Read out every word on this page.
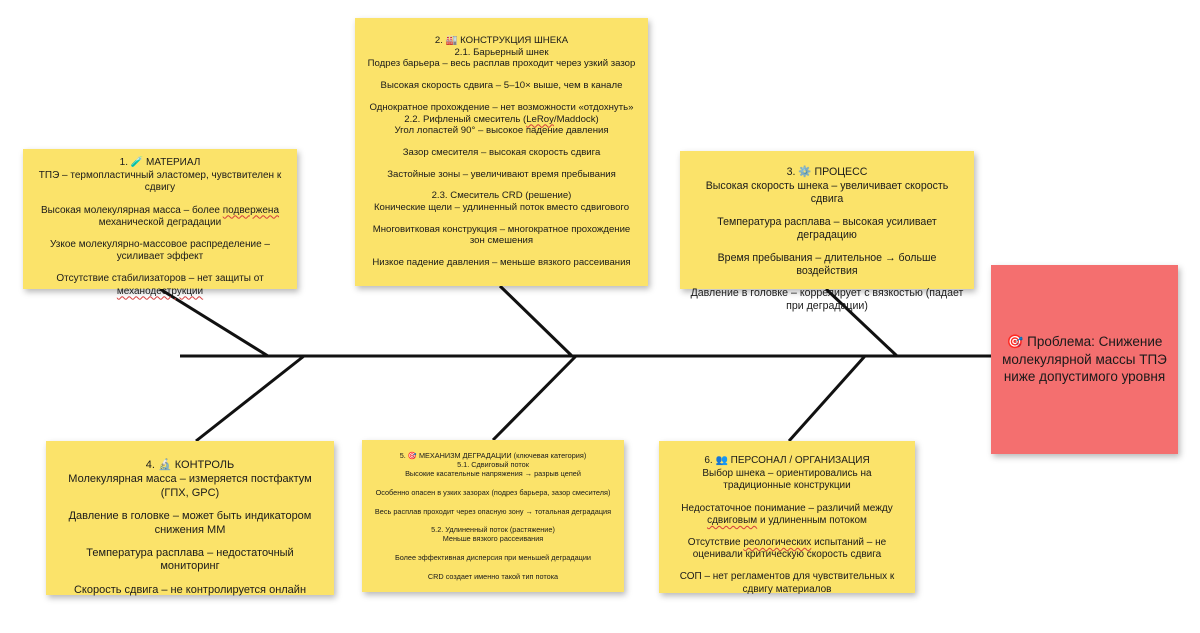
1. 🧪 МАТЕРИАЛ
ТПЭ – термопластичный эластомер, чувствителен к сдвигу
Высокая молекулярная масса – более подвержена механической деградации
Узкое молекулярно-массовое распределение – усиливает эффект
Отсутствие стабилизаторов – нет защиты от механодеструкции
2. 🏭 КОНСТРУКЦИЯ ШНЕКА
2.1. Барьерный шнек
Подрез барьера – весь расплав проходит через узкий зазор
Высокая скорость сдвига – 5–10× выше, чем в канале
Однократное прохождение – нет возможности «отдохнуть»
2.2. Рифленый смеситель (LeRoy/Maddock)
Угол лопастей 90° – высокое падение давления
Зазор смесителя – высокая скорость сдвига
Застойные зоны – увеличивают время пребывания
2.3. Смеситель CRD (решение)
Конические щели – удлиненный поток вместо сдвигового
Многовитковая конструкция – многократное прохождение зон смешения
Низкое падение давления – меньше вязкого рассеивания
3. ⚙️ ПРОЦЕСС
Высокая скорость шнека – увеличивает скорость сдвига
Температура расплава – высокая усиливает деградацию
Время пребывания – длительное → больше воздействия
Давление в головке – коррелирует с вязкостью (падает при деградации)
4. 🔬 КОНТРОЛЬ
Молекулярная масса – измеряется постфактум (ГПХ, GPC)
Давление в головке – может быть индикатором снижения ММ
Температура расплава – недостаточный мониторинг
Скорость сдвига – не контролируется онлайн
5. 🎯 МЕХАНИЗМ ДЕГРАДАЦИИ (ключевая категория)
5.1. Сдвиговый поток
Высокие касательные напряжения → разрыв цепей
Особенно опасен в узких зазорах (подрез барьера, зазор смесителя)
Весь расплав проходит через опасную зону → тотальная деградация
5.2. Удлиненный поток (растяжение)
Меньше вязкого рассеивания
Более эффективная дисперсия при меньшей деградации
CRD создает именно такой тип потока
6. 👥 ПЕРСОНАЛ / ОРГАНИЗАЦИЯ
Выбор шнека – ориентировались на традиционные конструкции
Недостаточное понимание – различий между сдвиговым и удлиненным потоком
Отсутствие реологических испытаний – не оценивали критическую скорость сдвига
СОП – нет регламентов для чувствительных к сдвигу материалов
🎯 Проблема: Снижение молекулярной массы ТПЭ ниже допустимого уровня
